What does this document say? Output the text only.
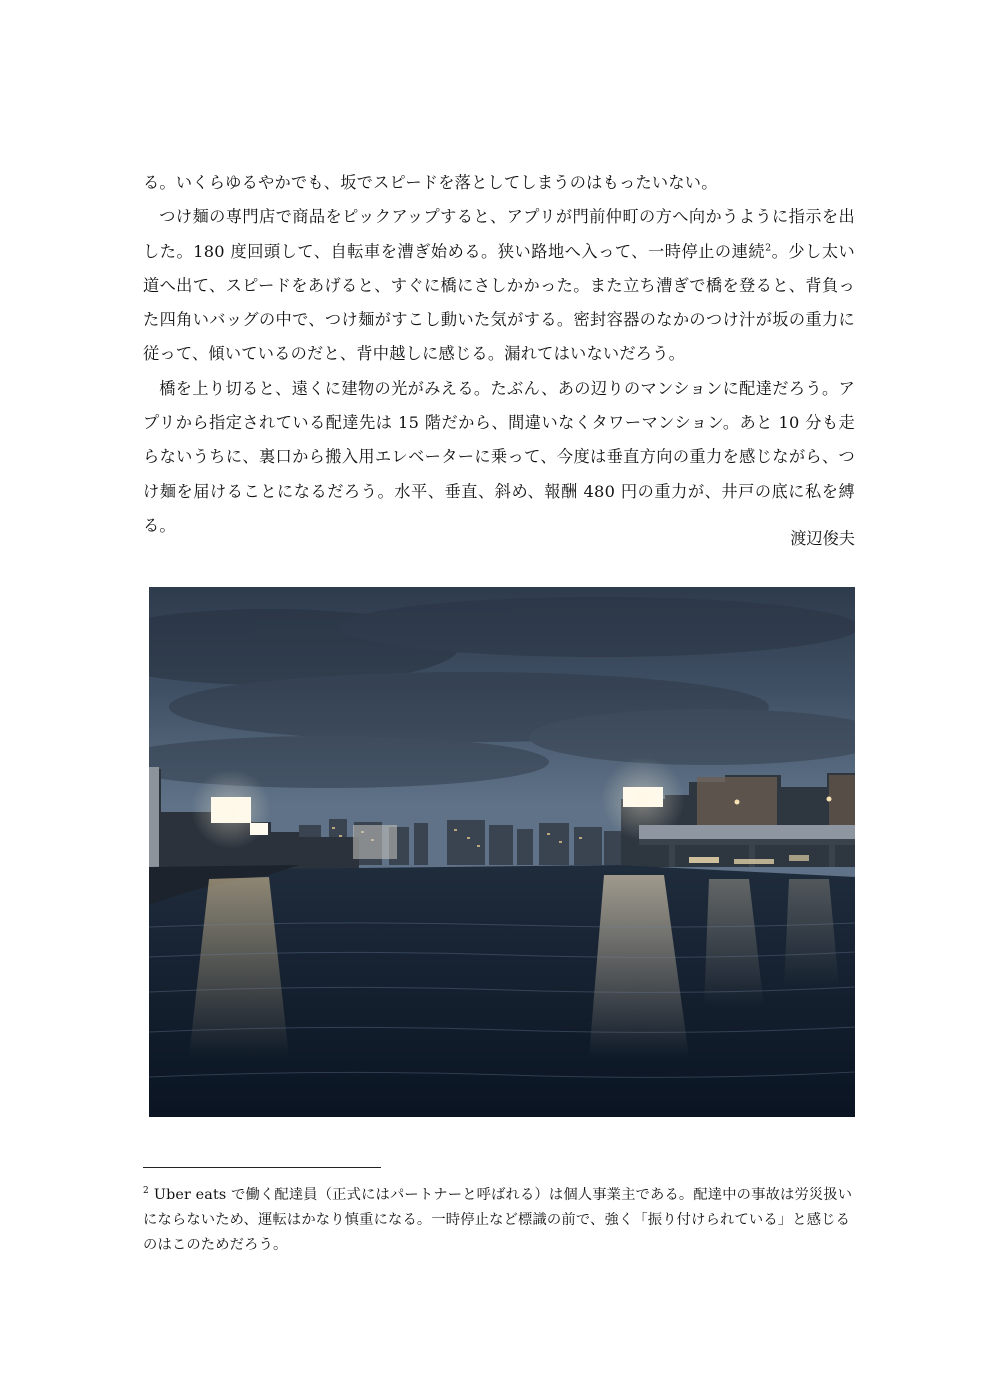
る。いくらゆるやかでも、坂でスピードを落としてしまうのはもったいない。

つけ麺の専門店で商品をピックアップすると、アプリが門前仲町の方へ向かうように指示を出した。180 度回頭して、自転車を漕ぎ始める。狭い路地へ入って、一時停止の連続$^2$。少し太い道へ出て、スピードをあげると、すぐに橋にさしかかった。また立ち漕ぎで橋を登ると、背負った四角いバッグの中で、つけ麺がすこし動いた気がする。密封容器のなかのつけ汁が坂の重力に従って、傾いているのだと、背中越しに感じる。漏れてはいないだろう。

橋を上り切ると、遠くに建物の光がみえる。たぶん、あの辺りのマンションに配達だろう。アプリから指定されている配達先は 15 階だから、間違いなくタワーマンション。あと 10 分も走らないうちに、裏口から搬入用エレベーターに乗って、今度は垂直方向の重力を感じながら、つけ麺を届けることになるだろう。水平、垂直、斜め、報酬 480 円の重力が、井戸の底に私を縛る。

渡辺俊夫

$^2$ Uber eats で働く配達員（正式にはパートナーと呼ばれる）は個人事業主である。配達中の事故は労災扱いにならないため、運転はかなり慎重になる。一時停止など標識の前で、強く「振り付けられている」と感じるのはこのためだろう。
